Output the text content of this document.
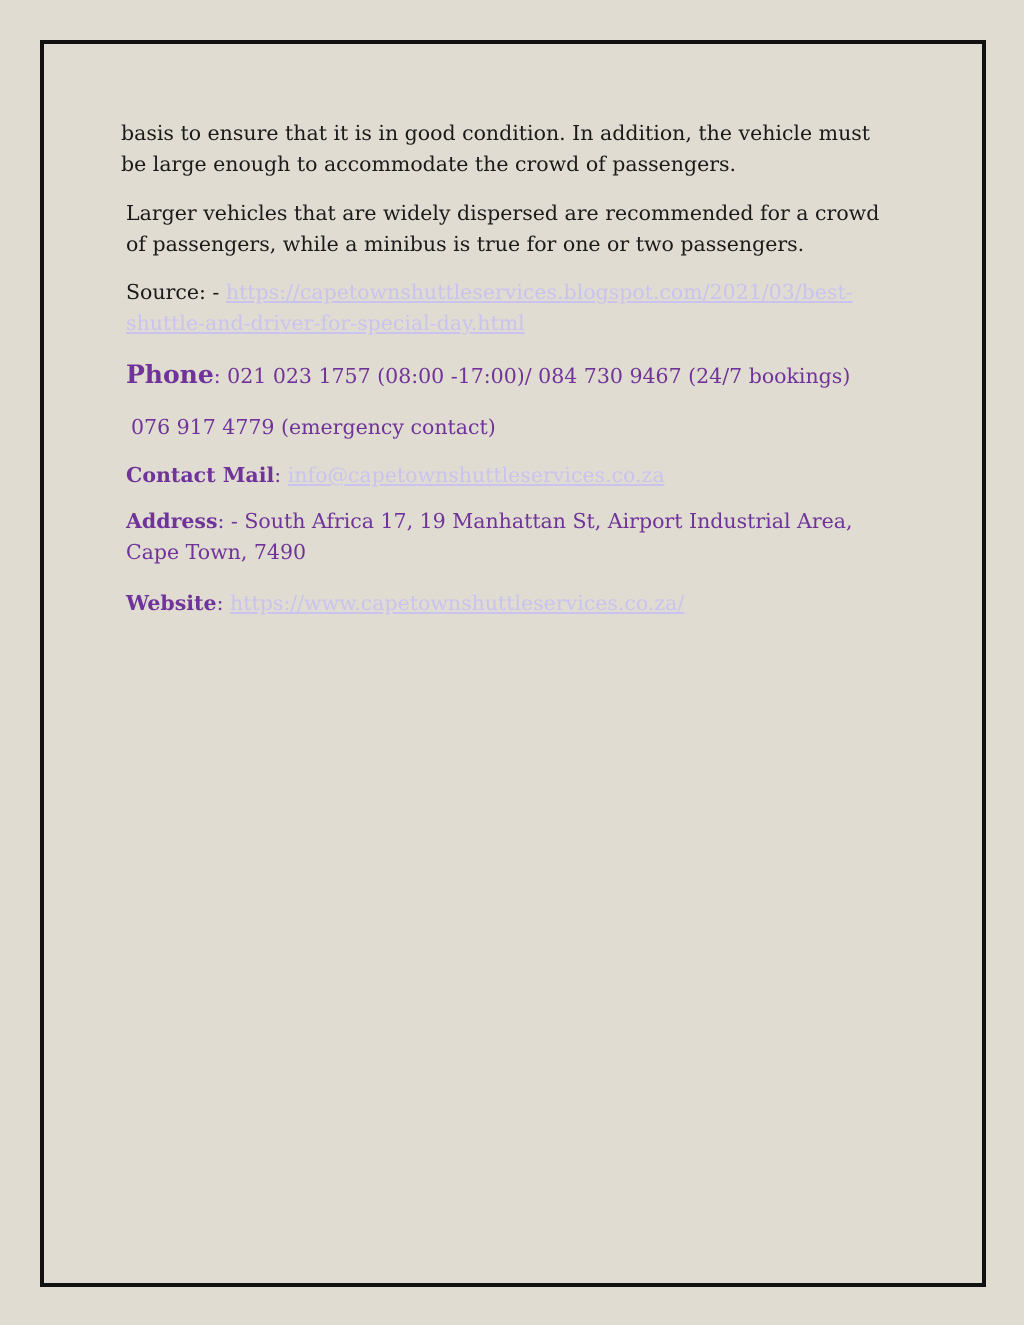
basis to ensure that it is in good condition. In addition, the vehicle must be large enough to accommodate the crowd of passengers.

Larger vehicles that are widely dispersed are recommended for a crowd of passengers, while a minibus is true for one or two passengers.

Source: - https://capetownshuttleservices.blogspot.com/2021/03/best-shuttle-and-driver-for-special-day.html

Phone: 021 023 1757 (08:00 -17:00)/ 084 730 9467 (24/7 bookings)

076 917 4779 (emergency contact)

Contact Mail: info@capetownshuttleservices.co.za

Address: - South Africa 17, 19 Manhattan St, Airport Industrial Area, Cape Town, 7490

Website: https://www.capetownshuttleservices.co.za/
